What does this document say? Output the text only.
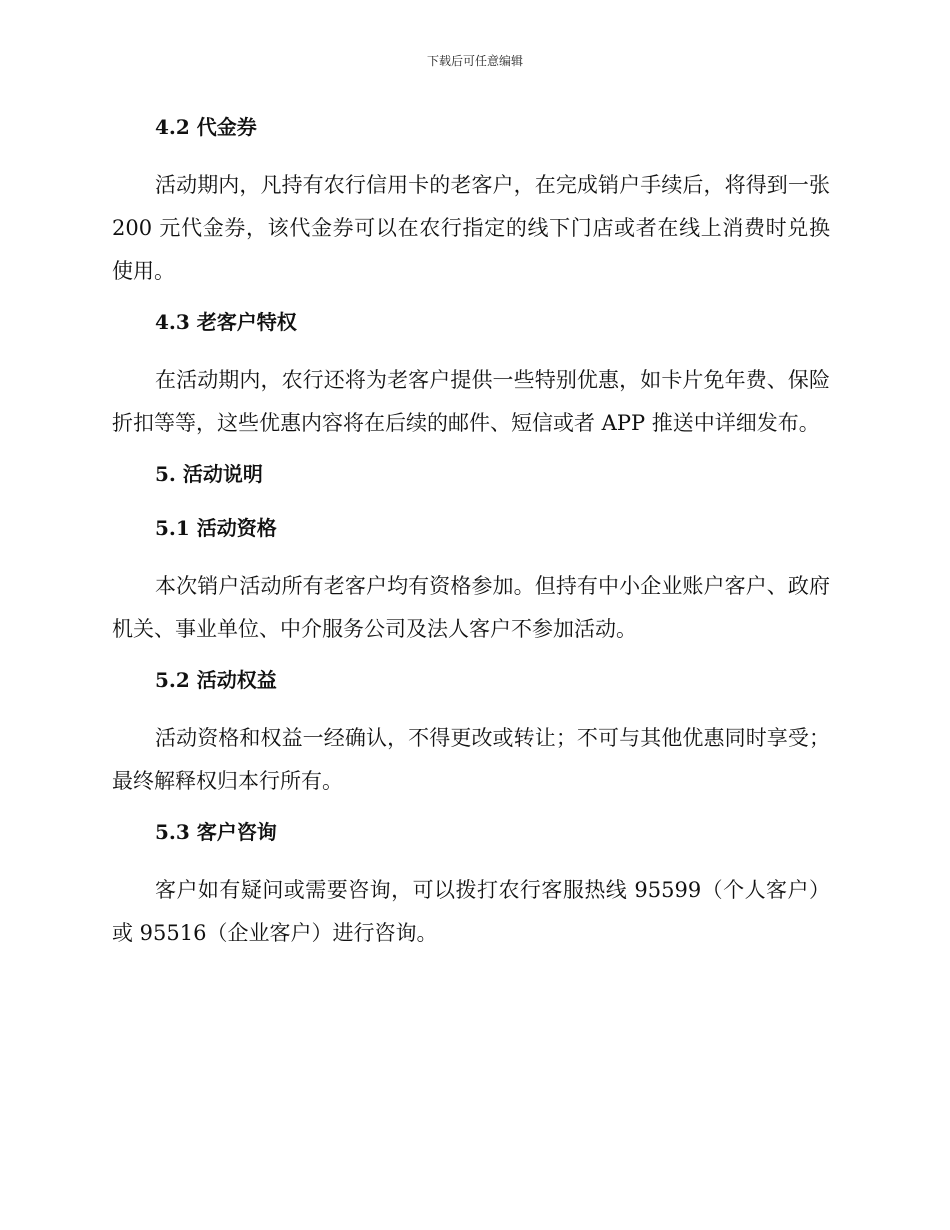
下载后可任意编辑
4.2 代金券
活动期内，凡持有农行信用卡的老客户，在完成销户手续后，将得到一张 200 元代金券，该代金券可以在农行指定的线下门店或者在线上消费时兑换使用。
4.3 老客户特权
在活动期内，农行还将为老客户提供一些特别优惠，如卡片免年费、保险折扣等等，这些优惠内容将在后续的邮件、短信或者 APP 推送中详细发布。
5. 活动说明
5.1 活动资格
本次销户活动所有老客户均有资格参加。但持有中小企业账户客户、政府机关、事业单位、中介服务公司及法人客户不参加活动。
5.2 活动权益
活动资格和权益一经确认，不得更改或转让；不可与其他优惠同时享受；最终解释权归本行所有。
5.3 客户咨询
客户如有疑问或需要咨询，可以拨打农行客服热线 95599（个人客户）或 95516（企业客户）进行咨询。
